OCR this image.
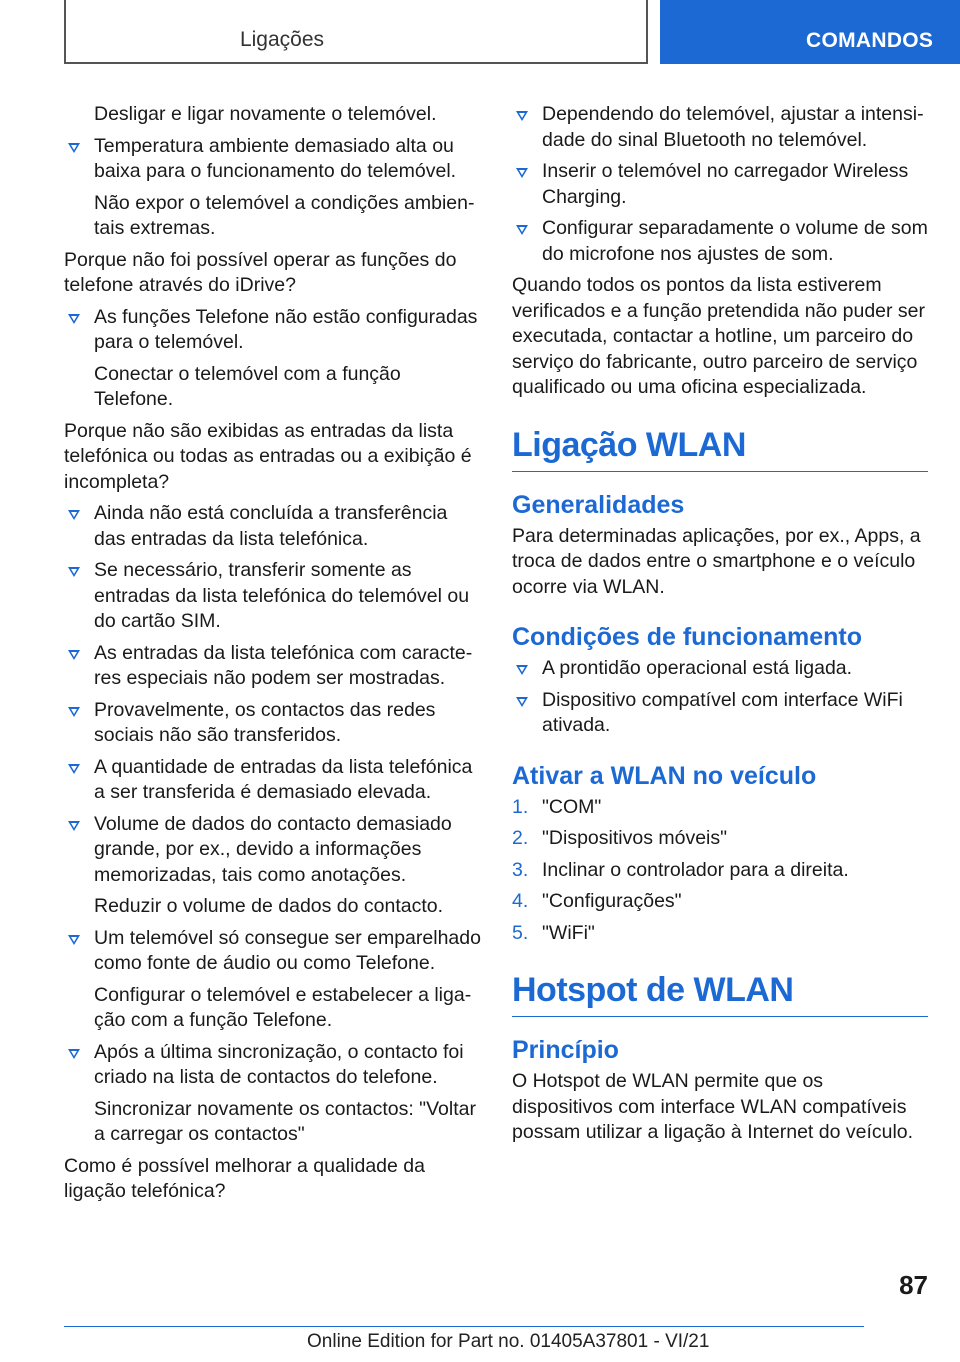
Ligações	COMANDOS
Desligar e ligar novamente o telemóvel.
Temperatura ambiente demasiado alta ou baixa para o funcionamento do telemóvel.
Não expor o telemóvel a condições ambientais extremas.
Porque não foi possível operar as funções do telefone através do iDrive?
As funções Telefone não estão configuradas para o telemóvel.
Conectar o telemóvel com a função Telefone.
Porque não são exibidas as entradas da lista telefónica ou todas as entradas ou a exibição é incompleta?
Ainda não está concluída a transferência das entradas da lista telefónica.
Se necessário, transferir somente as entradas da lista telefónica do telemóvel ou do cartão SIM.
As entradas da lista telefónica com caracteres especiais não podem ser mostradas.
Provavelmente, os contactos das redes sociais não são transferidos.
A quantidade de entradas da lista telefónica a ser transferida é demasiado elevada.
Volume de dados do contacto demasiado grande, por ex., devido a informações memorizadas, tais como anotações.
Reduzir o volume de dados do contacto.
Um telemóvel só consegue ser emparelhado como fonte de áudio ou como Telefone.
Configurar o telemóvel e estabelecer a ligação com a função Telefone.
Após a última sincronização, o contacto foi criado na lista de contactos do telefone.
Sincronizar novamente os contactos: "Voltar a carregar os contactos"
Como é possível melhorar a qualidade da ligação telefónica?
Dependendo do telemóvel, ajustar a intensidade do sinal Bluetooth no telemóvel.
Inserir o telemóvel no carregador Wireless Charging.
Configurar separadamente o volume de som do microfone nos ajustes de som.
Quando todos os pontos da lista estiverem verificados e a função pretendida não puder ser executada, contactar a hotline, um parceiro do serviço do fabricante, outro parceiro de serviço qualificado ou uma oficina especializada.
Ligação WLAN
Generalidades
Para determinadas aplicações, por ex., Apps, a troca de dados entre o smartphone e o veículo ocorre via WLAN.
Condições de funcionamento
A prontidão operacional está ligada.
Dispositivo compatível com interface WiFi ativada.
Ativar a WLAN no veículo
1. "COM"
2. "Dispositivos móveis"
3. Inclinar o controlador para a direita.
4. "Configurações"
5. "WiFi"
Hotspot de WLAN
Princípio
O Hotspot de WLAN permite que os dispositivos com interface WLAN compatíveis possam utilizar a ligação à Internet do veículo.
87
Online Edition for Part no. 01405A37801 - VI/21
